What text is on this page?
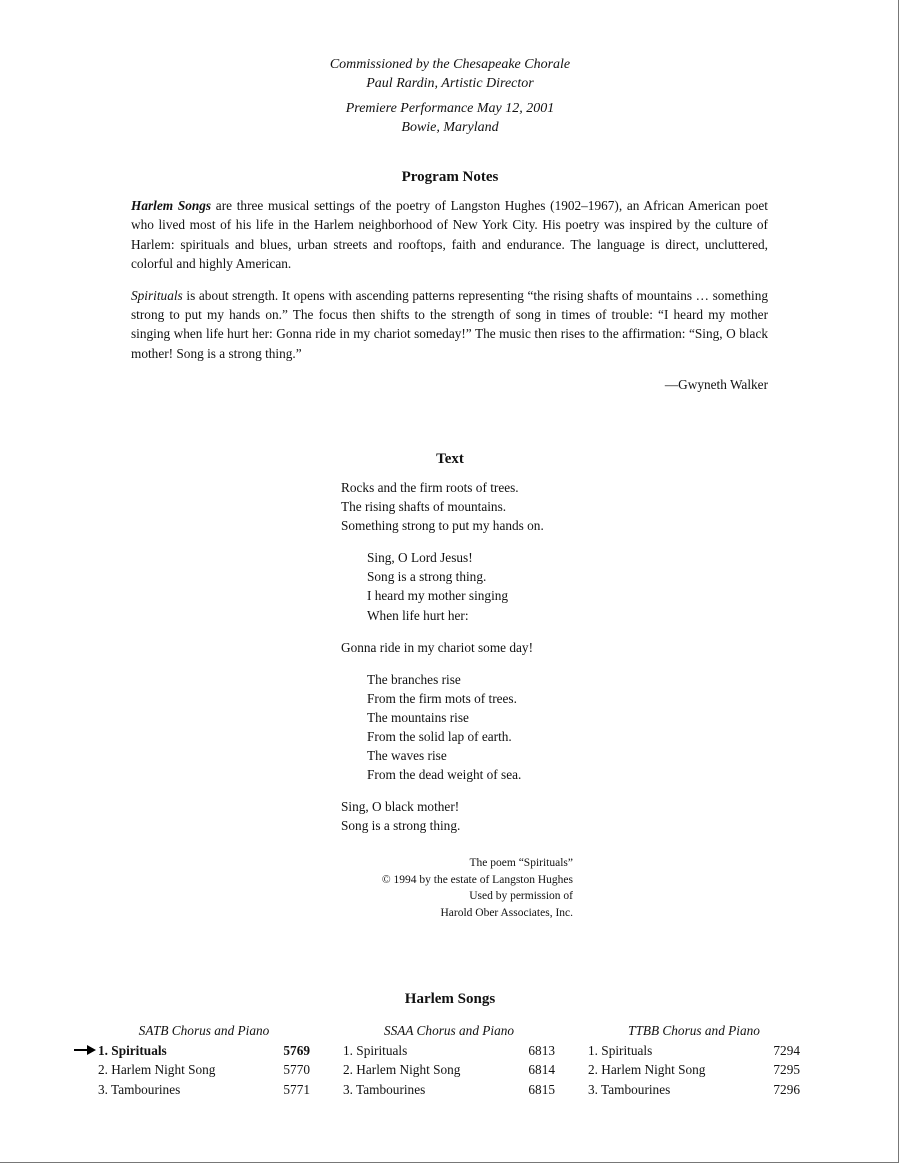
Commissioned by the Chesapeake Chorale
Paul Rardin, Artistic Director
Premiere Performance May 12, 2001
Bowie, Maryland
Program Notes

Harlem Songs are three musical settings of the poetry of Langston Hughes (1902–1967), an African American poet who lived most of his life in the Harlem neighborhood of New York City. His poetry was inspired by the culture of Harlem: spirituals and blues, urban streets and rooftops, faith and endurance. The language is direct, uncluttered, colorful and highly American.

Spirituals is about strength. It opens with ascending patterns representing “the rising shafts of mountains … something strong to put my hands on.” The focus then shifts to the strength of song in times of trouble: “I heard my mother singing when life hurt her: Gonna ride in my chariot someday!” The music then rises to the affirmation: “Sing, O black mother! Song is a strong thing.”

—Gwyneth Walker
Text
Rocks and the firm roots of trees.
The rising shafts of mountains.
Something strong to put my hands on.
Sing, O Lord Jesus!
Song is a strong thing.
I heard my mother singing
When life hurt her:
Gonna ride in my chariot some day!
The branches rise
From the firm mots of trees.
The mountains rise
From the solid lap of earth.
The waves rise
From the dead weight of sea.
Sing, O black mother!
Song is a strong thing.
The poem “Spirituals”
© 1994 by the estate of Langston Hughes
Used by permission of
Harold Ober Associates, Inc.
Harlem Songs
SATB Chorus and Piano
1. Spirituals	5769
2. Harlem Night Song	5770
3. Tambourines	5771
SSAA Chorus and Piano
1. Spirituals	6813
2. Harlem Night Song	6814
3. Tambourines	6815
TTBB Chorus and Piano
1. Spirituals	7294
2. Harlem Night Song	7295
3. Tambourines	7296
